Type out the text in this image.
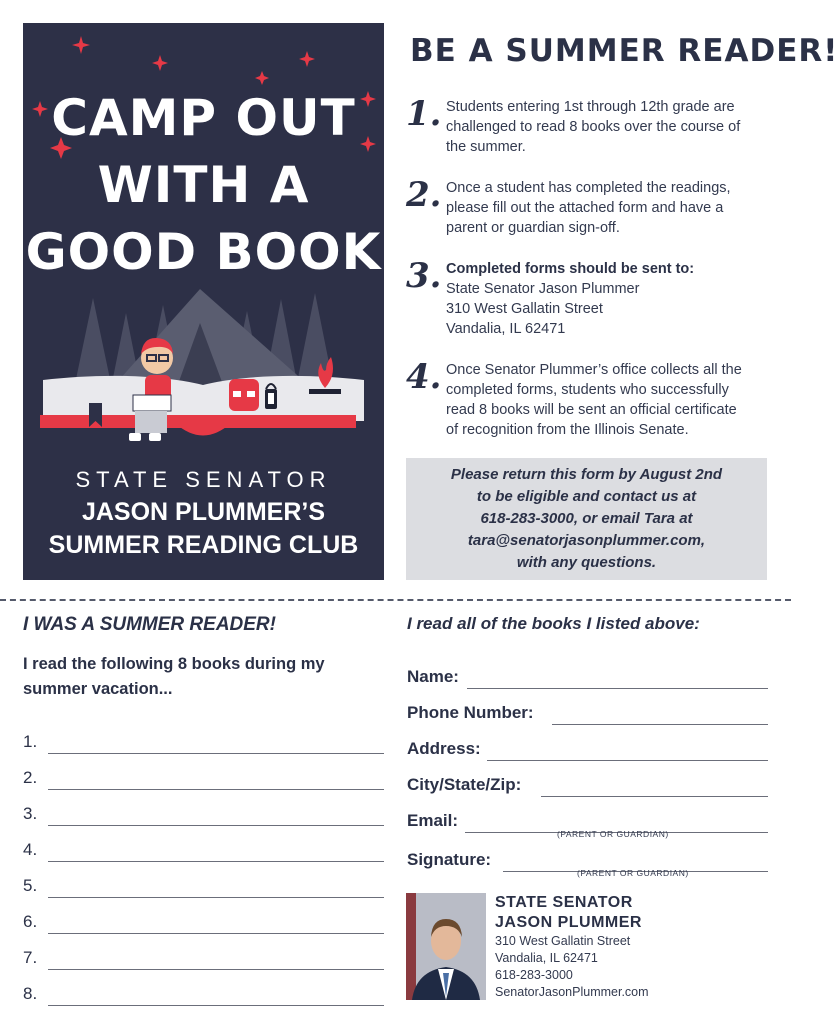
CAMP OUT
WITH A
GOOD BOOK
STATE SENATOR
JASON PLUMMER’S
SUMMER READING CLUB
BE A SUMMER READER!
1. Students entering 1st through 12th grade are
challenged to read 8 books over the course of
the summer.
2. Once a student has completed the readings,
please fill out the attached form and have a
parent or guardian sign-off.
3. Completed forms should be sent to:
State Senator Jason Plummer
310 West Gallatin Street
Vandalia, IL 62471
4. Once Senator Plummer’s office collects all the
completed forms, students who successfully
read 8 books will be sent an official certificate
of recognition from the Illinois Senate.
Please return this form by August 2nd
to be eligible and contact us at
618-283-3000, or email Tara at
tara@senatorjasonplummer.com,
with any questions.
I WAS A SUMMER READER!
I read the following 8 books during my
summer vacation...
1.
2.
3.
4.
5.
6.
7.
8.
I read all of the books I listed above:
Name:
Phone Number:
Address:
City/State/Zip:
Email:
(PARENT OR GUARDIAN)
Signature:
(PARENT OR GUARDIAN)
STATE SENATOR
JASON PLUMMER
310 West Gallatin Street
Vandalia, IL 62471
618-283-3000
SenatorJasonPlummer.com
